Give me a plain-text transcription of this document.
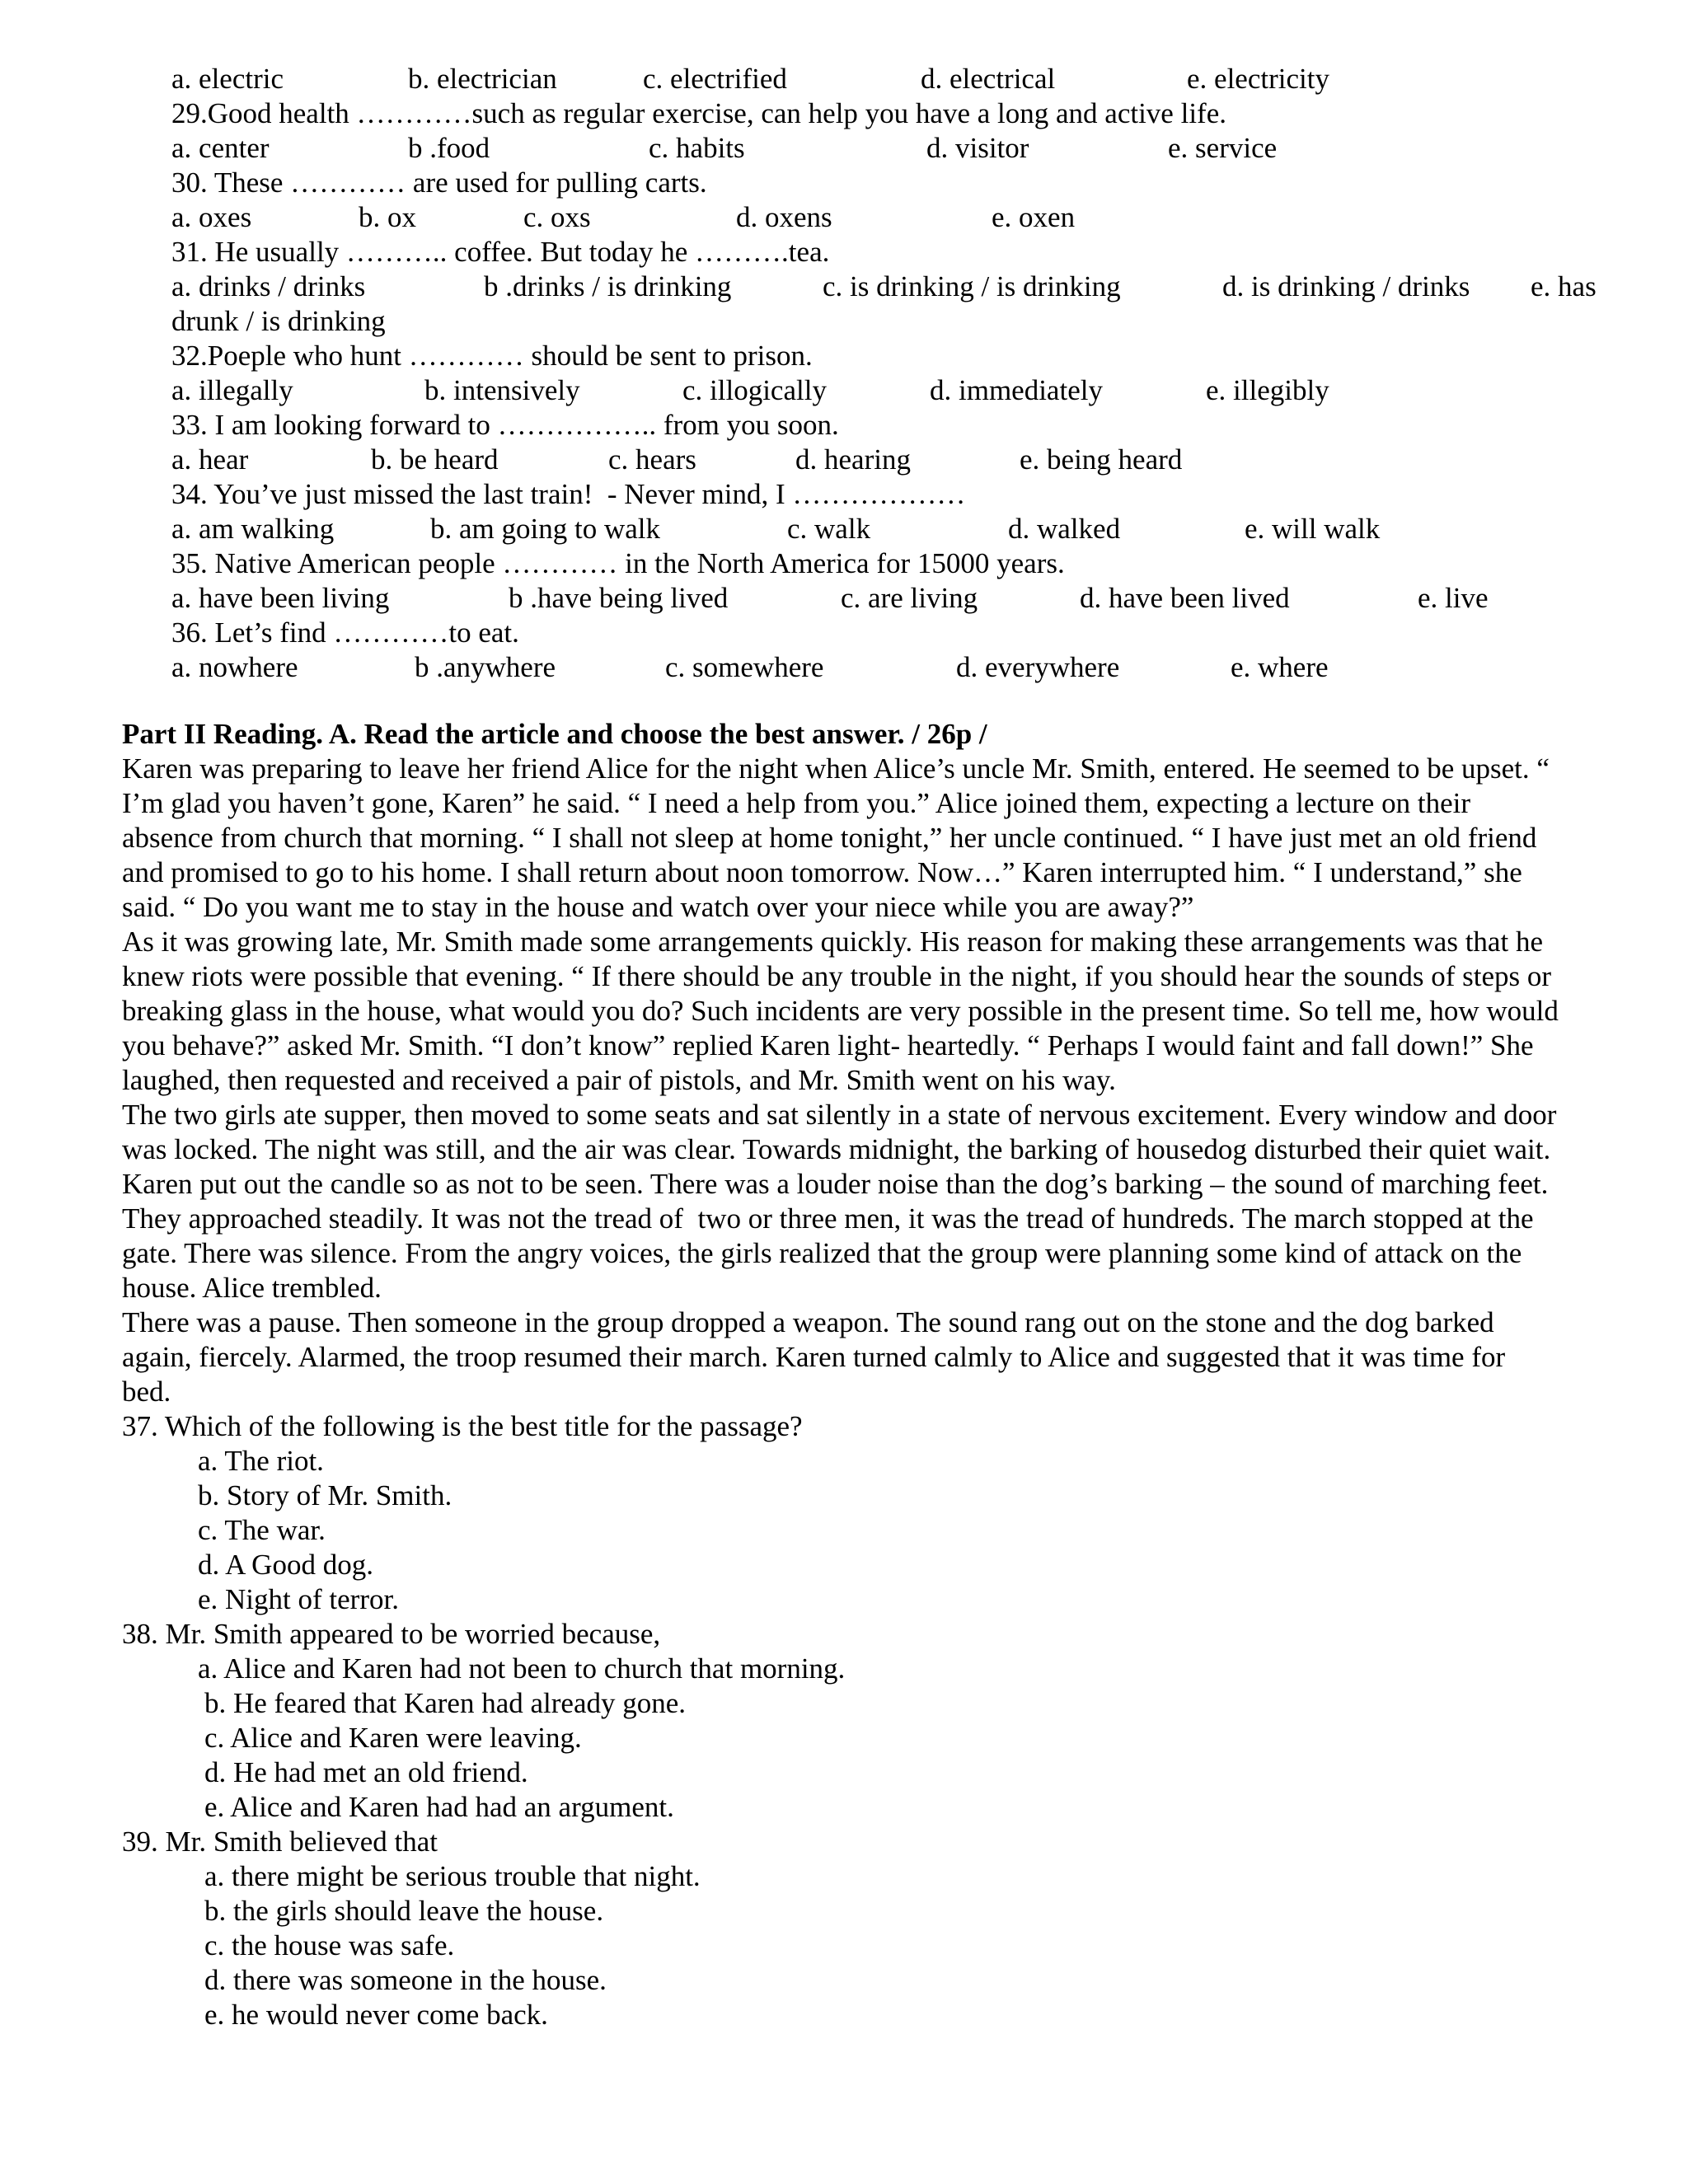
a. electric	b. electrician	c. electrified	d. electrical	e. electricity
29.Good health …………such as regular exercise, can help you have a long and active life.
a. center	b .food	c. habits	d. visitor	e. service
30. These ………… are used for pulling carts.
a. oxes	b. ox	c. oxs	d. oxens	e. oxen
31. He usually ……….. coffee. But today he ……….tea.
a. drinks / drinks	b .drinks / is drinking	c. is drinking / is drinking	d. is drinking / drinks e. has
drunk / is drinking
32.Poeple who hunt ………… should be sent to prison.
a. illegally	b. intensively	c. illogically	d. immediately	e. illegibly
33. I am looking forward to …………….. from you soon.
a. hear	b. be heard	c. hears	d. hearing	e. being heard
34. You’ve just missed the last train!  - Never mind, I ………………
a. am walking	b. am going to walk	c. walk	d. walked	e. will walk
35. Native American people ………… in the North America for 15000 years.
a. have been living	b .have being lived	c. are living	d. have been lived	e. live
36. Let’s find …………to eat.
a. nowhere	b .anywhere	c. somewhere	d. everywhere	e. where
Part II Reading. A. Read the article and choose the best answer. / 26p /
Karen was preparing to leave her friend Alice for the night when Alice’s uncle Mr. Smith, entered. He seemed to be upset. “
I’m glad you haven’t gone, Karen” he said. “ I need a help from you.” Alice joined them, expecting a lecture on their
absence from church that morning. “ I shall not sleep at home tonight,” her uncle continued. “ I have just met an old friend
and promised to go to his home. I shall return about noon tomorrow. Now…” Karen interrupted him. “ I understand,” she
said. “ Do you want me to stay in the house and watch over your niece while you are away?”
As it was growing late, Mr. Smith made some arrangements quickly. His reason for making these arrangements was that he
knew riots were possible that evening. “ If there should be any trouble in the night, if you should hear the sounds of steps or
breaking glass in the house, what would you do? Such incidents are very possible in the present time. So tell me, how would
you behave?” asked Mr. Smith. “I don’t know” replied Karen light- heartedly. “ Perhaps I would faint and fall down!” She
laughed, then requested and received a pair of pistols, and Mr. Smith went on his way.
The two girls ate supper, then moved to some seats and sat silently in a state of nervous excitement. Every window and door
was locked. The night was still, and the air was clear. Towards midnight, the barking of housedog disturbed their quiet wait.
Karen put out the candle so as not to be seen. There was a louder noise than the dog’s barking – the sound of marching feet.
They approached steadily. It was not the tread of  two or three men, it was the tread of hundreds. The march stopped at the
gate. There was silence. From the angry voices, the girls realized that the group were planning some kind of attack on the
house. Alice trembled.
There was a pause. Then someone in the group dropped a weapon. The sound rang out on the stone and the dog barked
again, fiercely. Alarmed, the troop resumed their march. Karen turned calmly to Alice and suggested that it was time for
bed.
37. Which of the following is the best title for the passage?
a. The riot.
b. Story of Mr. Smith.
c. The war.
d. A Good dog.
e. Night of terror.
38. Mr. Smith appeared to be worried because,
a. Alice and Karen had not been to church that morning.
b. He feared that Karen had already gone.
c. Alice and Karen were leaving.
d. He had met an old friend.
e. Alice and Karen had had an argument.
39. Mr. Smith believed that
a. there might be serious trouble that night.
b. the girls should leave the house.
c. the house was safe.
d. there was someone in the house.
e. he would never come back.
